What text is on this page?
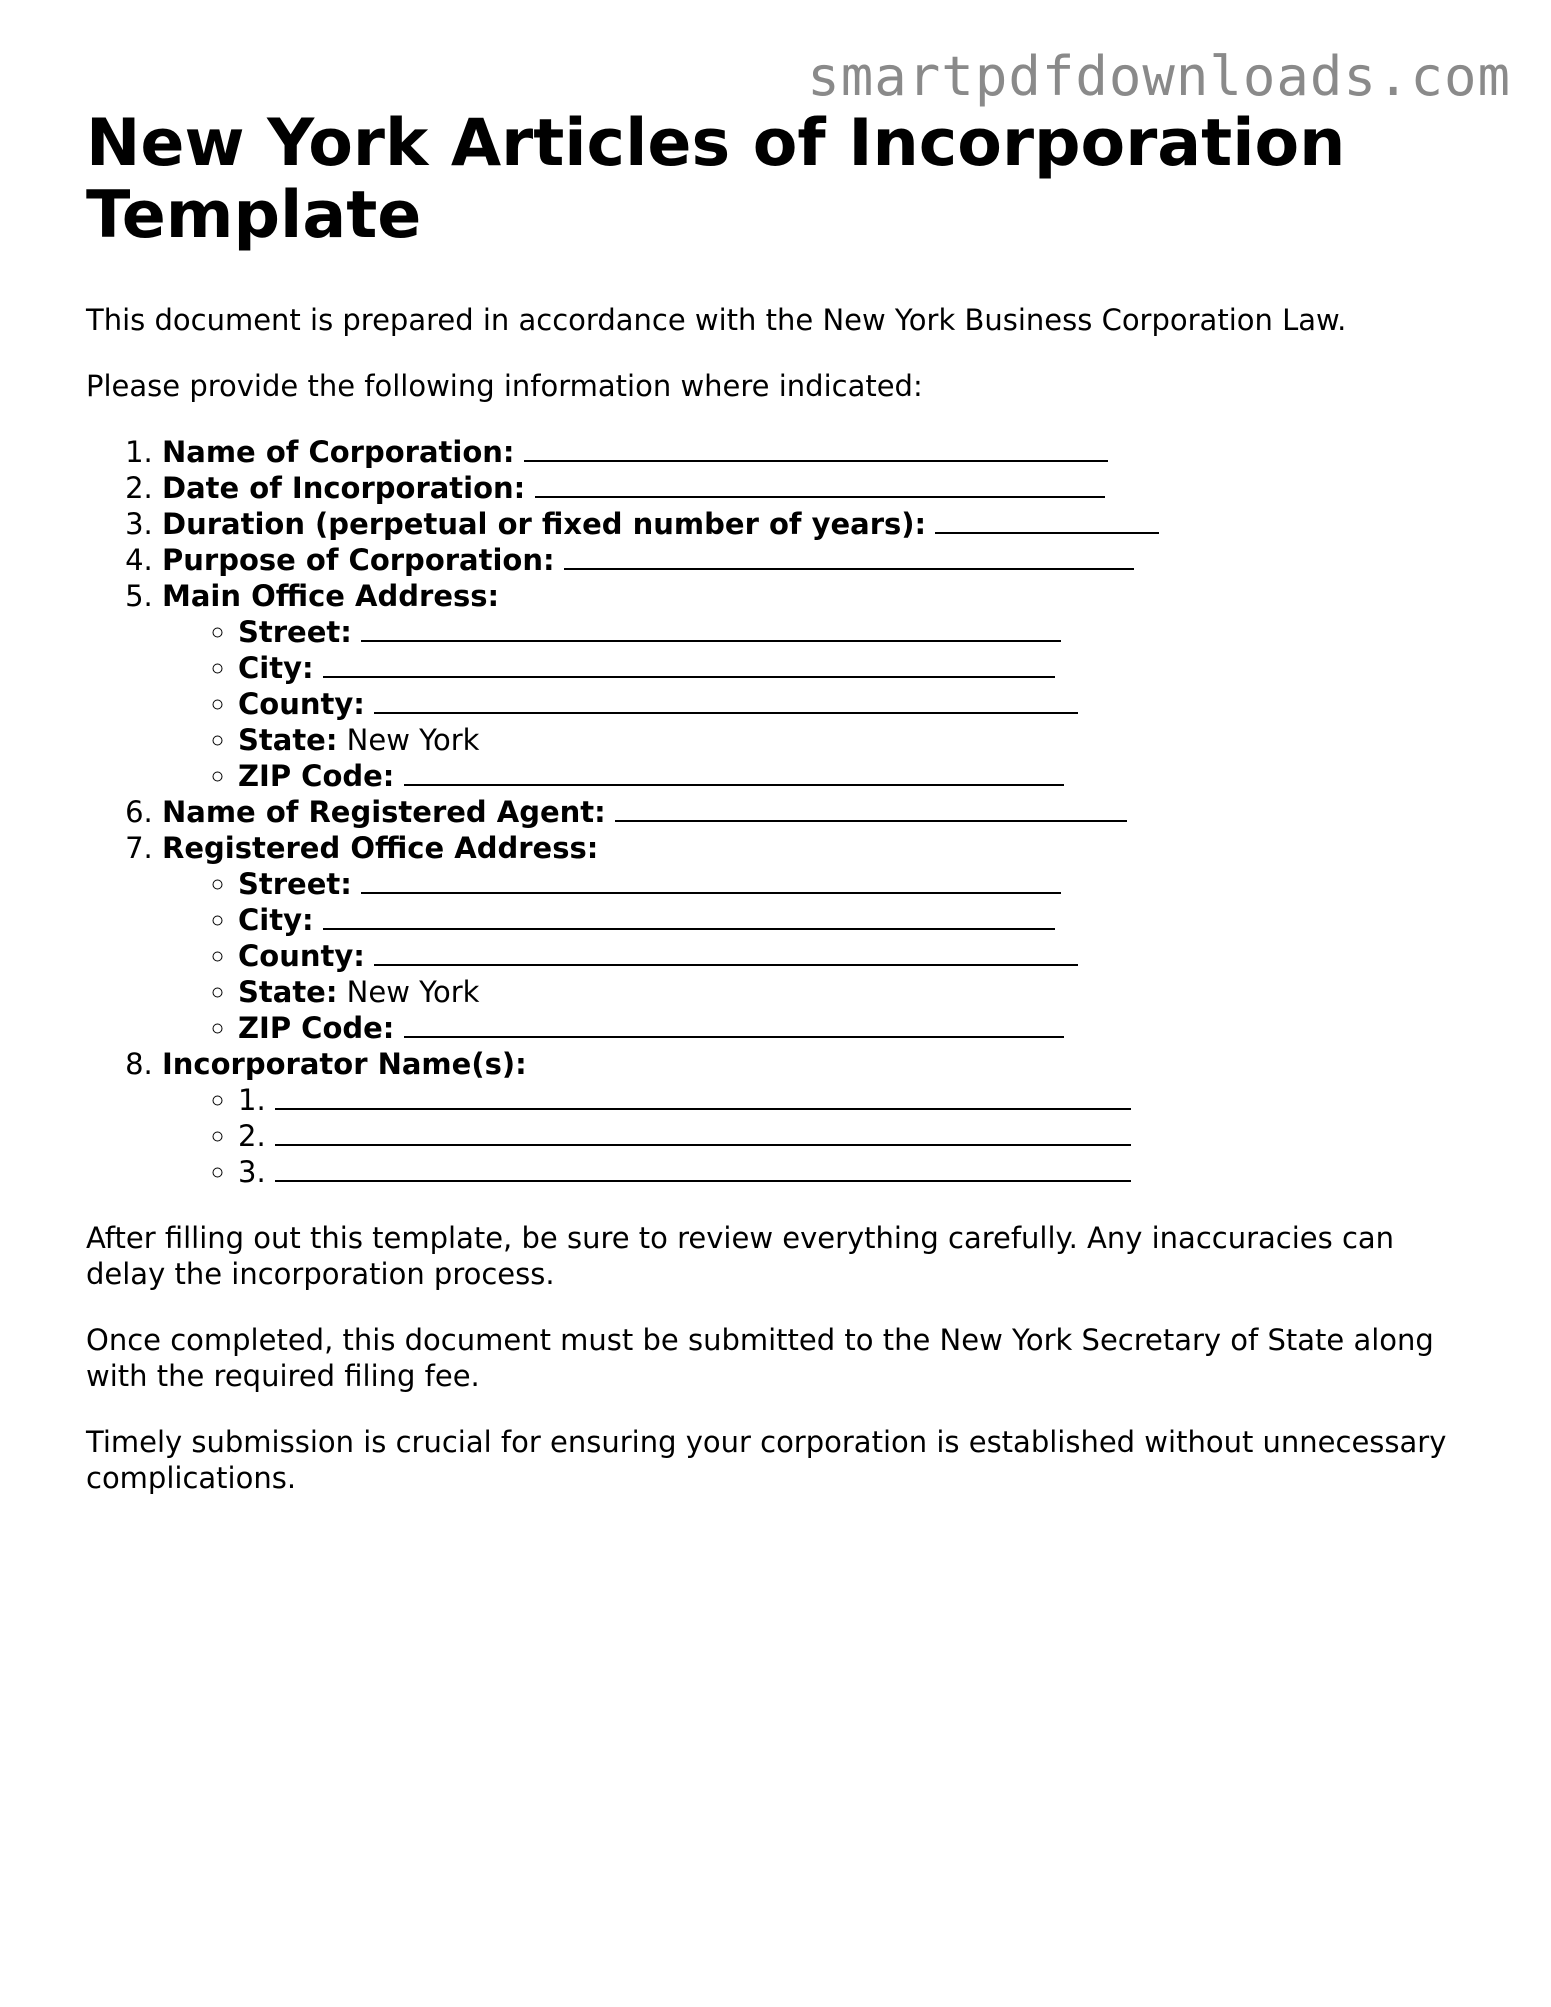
smartpdfdownloads.com
New York Articles of Incorporation Template

This document is prepared in accordance with the New York Business Corporation Law.

Please provide the following information where indicated:

1. Name of Corporation:
2. Date of Incorporation:
3. Duration (perpetual or fixed number of years):
4. Purpose of Corporation:
5. Main Office Address:
◦ Street:
◦ City:
◦ County:
◦ State: New York
◦ ZIP Code:
6. Name of Registered Agent:
7. Registered Office Address:
◦ Street:
◦ City:
◦ County:
◦ State: New York
◦ ZIP Code:
8. Incorporator Name(s):
◦ 1.
◦ 2.
◦ 3.

After filling out this template, be sure to review everything carefully. Any inaccuracies can delay the incorporation process.

Once completed, this document must be submitted to the New York Secretary of State along with the required filing fee.

Timely submission is crucial for ensuring your corporation is established without unnecessary complications.
